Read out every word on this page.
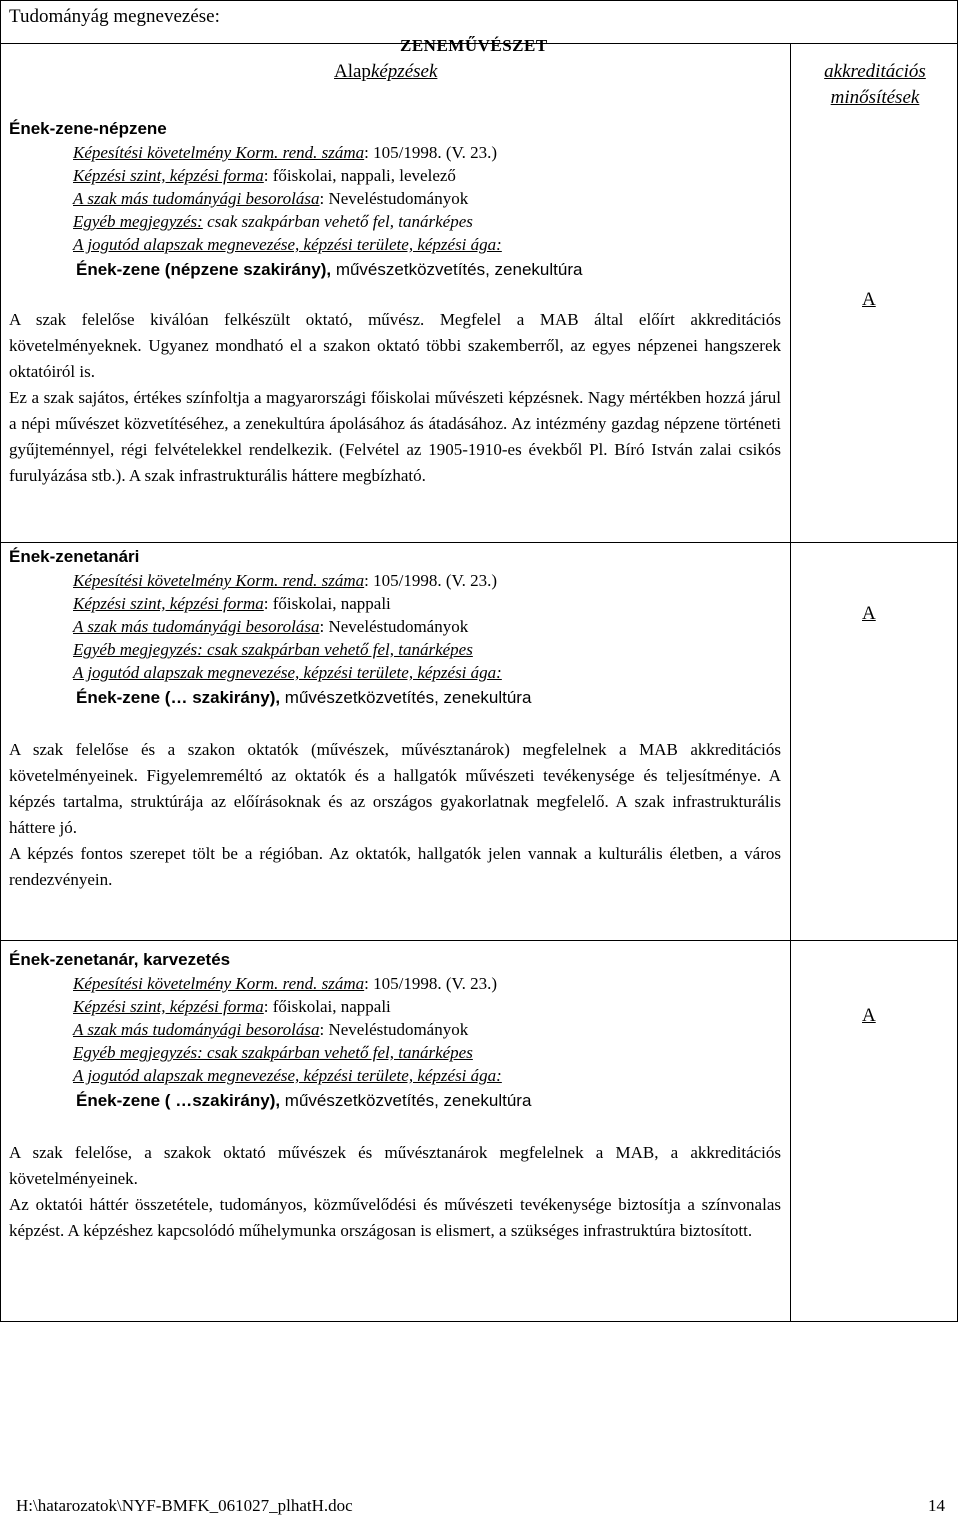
Tudományág megnevezése:
ZENEMŰVÉSZET
Alapképzések	akkreditációs
minősítések
Ének-zene-népzene
Képesítési követelmény Korm. rend. száma: 105/1998. (V. 23.)
Képzési szint, képzési forma: főiskolai, nappali, levelező
A szak más tudományági besorolása: Neveléstudományok
Egyéb megjegyzés: csak szakpárban vehető fel, tanárképes
A jogutód alapszak megnevezése, képzési területe, képzési ága:
Ének-zene (népzene szakirány), művészetközvetítés, zenekultúra

A szak felelőse kiválóan felkészült oktató, művész. Megfelel a MAB által előírt akkreditációs követelményeknek. Ugyanez mondható el a szakon oktató többi szakemberről, az egyes népzenei hangszerek oktatóiról is.

Ez a szak sajátos, értékes színfoltja a magyarországi főiskolai művészeti képzésnek. Nagy mértékben hozzá járul a népi művészet közvetítéséhez, a zenekultúra ápolásához ás átadásához. Az intézmény gazdag népzene történeti gyűjteménnyel, régi felvételekkel rendelkezik. (Felvétel az 1905-1910-es évekből Pl. Bíró István zalai csikós furulyázása stb.). A szak infrastrukturális háttere megbízható.

A
Ének-zenetanári
Képesítési követelmény Korm. rend. száma: 105/1998. (V. 23.)
Képzési szint, képzési forma: főiskolai, nappali
A szak más tudományági besorolása: Neveléstudományok
Egyéb megjegyzés: csak szakpárban vehető fel, tanárképes
A jogutód alapszak megnevezése, képzési területe, képzési ága:
Ének-zene (… szakirány), művészetközvetítés, zenekultúra

A szak felelőse és a szakon oktatók (művészek, művésztanárok) megfelelnek a MAB akkreditációs követelményeinek. Figyelemreméltó az oktatók és a hallgatók művészeti tevékenysége és teljesítménye. A képzés tartalma, struktúrája az előírásoknak és az országos gyakorlatnak megfelelő. A szak infrastrukturális háttere jó.

A képzés fontos szerepet tölt be a régióban. Az oktatók, hallgatók jelen vannak a kulturális életben, a város rendezvényein.

A
Ének-zenetanár, karvezetés
Képesítési követelmény Korm. rend. száma: 105/1998. (V. 23.)
Képzési szint, képzési forma: főiskolai, nappali
A szak más tudományági besorolása: Neveléstudományok
Egyéb megjegyzés: csak szakpárban vehető fel, tanárképes
A jogutód alapszak megnevezése, képzési területe, képzési ága:
Ének-zene ( …szakirány), művészetközvetítés, zenekultúra

A szak felelőse, a szakok oktató művészek és művésztanárok megfelelnek a MAB, a akkreditációs követelményeinek.

Az oktatói háttér összetétele, tudományos, közművelődési és művészeti tevékenysége biztosítja a színvonalas képzést. A képzéshez kapcsolódó műhelymunka országosan is elismert, a szükséges infrastruktúra biztosított.

A
H:\hatarozatok\NYF-BMFK_061027_plhatH.doc	14
